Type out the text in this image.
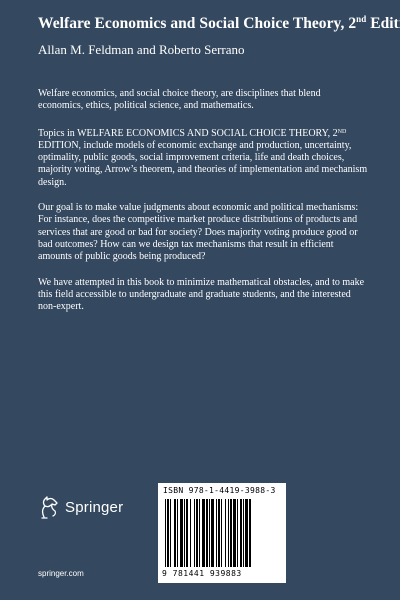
Welfare Economics and Social Choice Theory, 2nd Edition
Allan M. Feldman and Roberto Serrano

Welfare economics, and social choice theory, are disciplines that blend economics, ethics, political science, and mathematics.

Topics in WELFARE ECONOMICS AND SOCIAL CHOICE THEORY, 2ND EDITION, include models of economic exchange and production, uncertainty, optimality, public goods, social improvement criteria, life and death choices, majority voting, Arrow’s theorem, and theories of implementation and mechanism design.

Our goal is to make value judgments about economic and political mechanisms: For instance, does the competitive market produce distributions of products and services that are good or bad for society? Does majority voting produce good or bad outcomes? How can we design tax mechanisms that result in efficient amounts of public goods being produced?

We have attempted in this book to minimize mathematical obstacles, and to make this field accessible to undergraduate and graduate students, and the interested non-expert.

Springer
springer.com
ISBN 978-1-4419-3988-3
9 781441 939883
